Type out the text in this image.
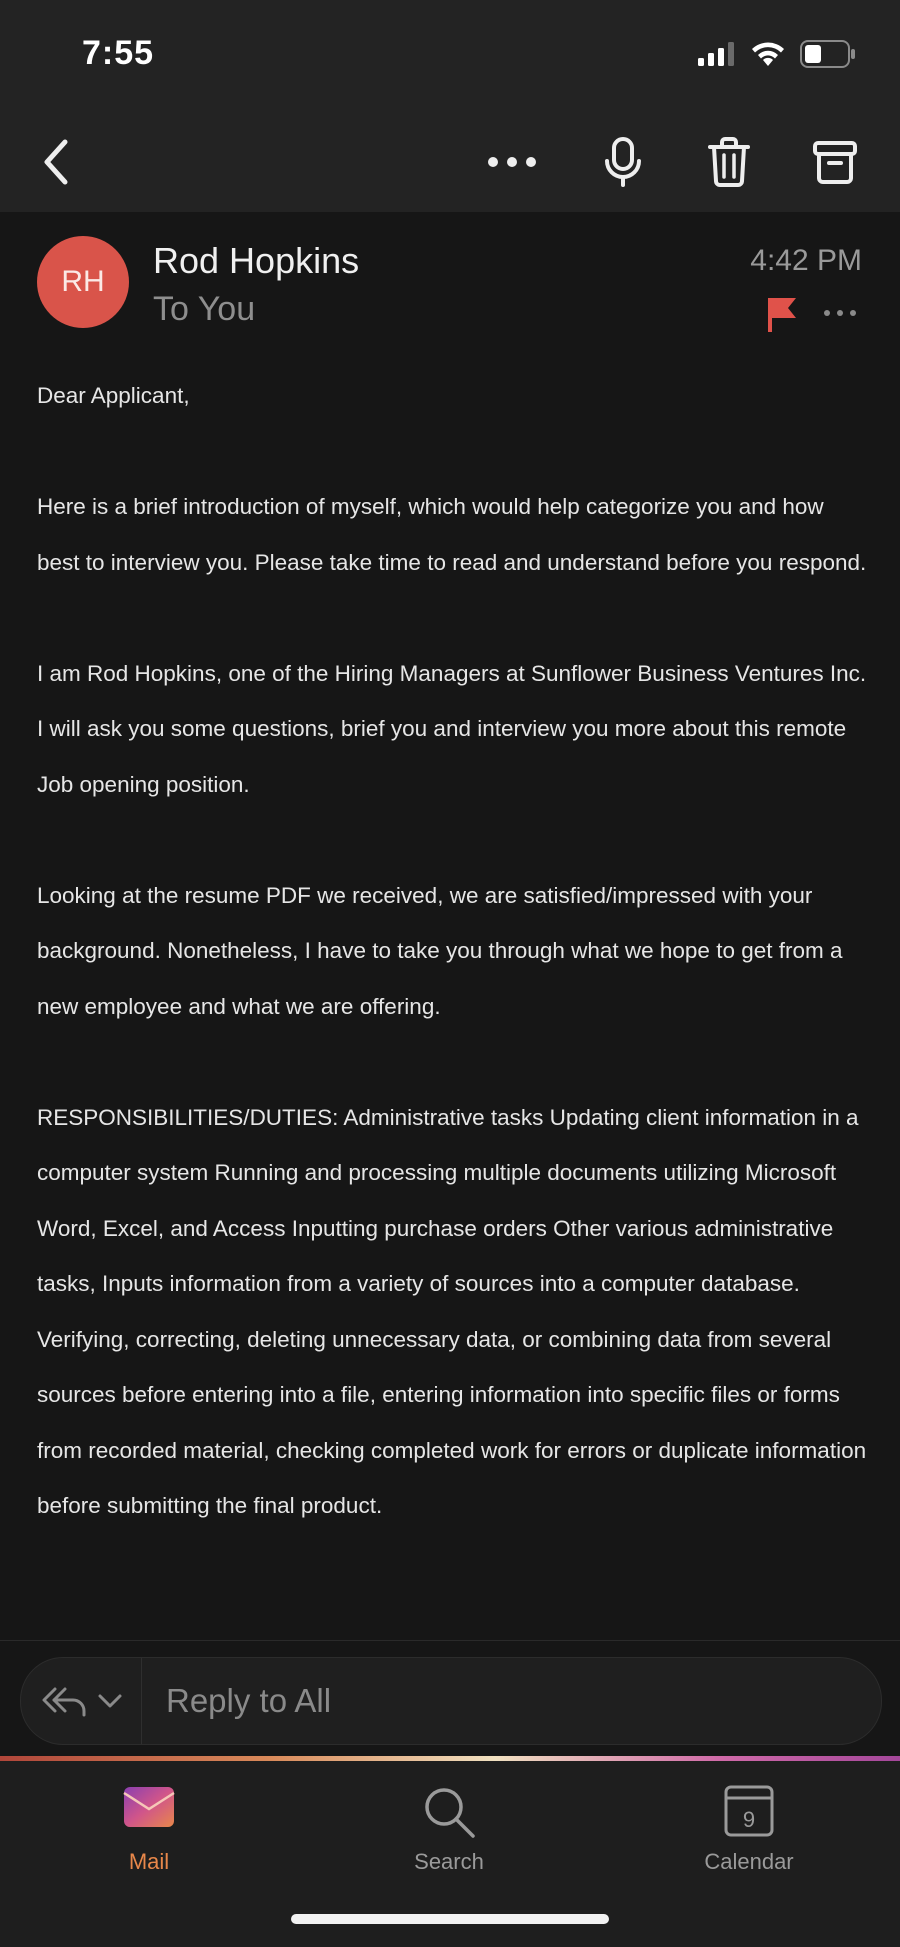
7:55
RH
Rod Hopkins
To You
4:42 PM

Dear Applicant,

Here is a brief introduction of myself, which would help categorize you and how best to interview you. Please take time to read and understand before you respond.

I am Rod Hopkins, one of the Hiring Managers at Sunflower Business Ventures Inc. I will ask you some questions, brief you and interview you more about this remote Job opening position.

Looking at the resume PDF we received, we are satisfied/impressed with your background. Nonetheless, I have to take you through what we hope to get from a new employee and what we are offering.

RESPONSIBILITIES/DUTIES: Administrative tasks Updating client information in a computer system Running and processing multiple documents utilizing Microsoft Word, Excel, and Access Inputting purchase orders Other various administrative tasks, Inputs information from a variety of sources into a computer database. Verifying, correcting, deleting unnecessary data, or combining data from several sources before entering into a file, entering information into specific files or forms from recorded material, checking completed work for errors or duplicate information before submitting the final product.

Reply to All
Mail	Search
9
Calendar
